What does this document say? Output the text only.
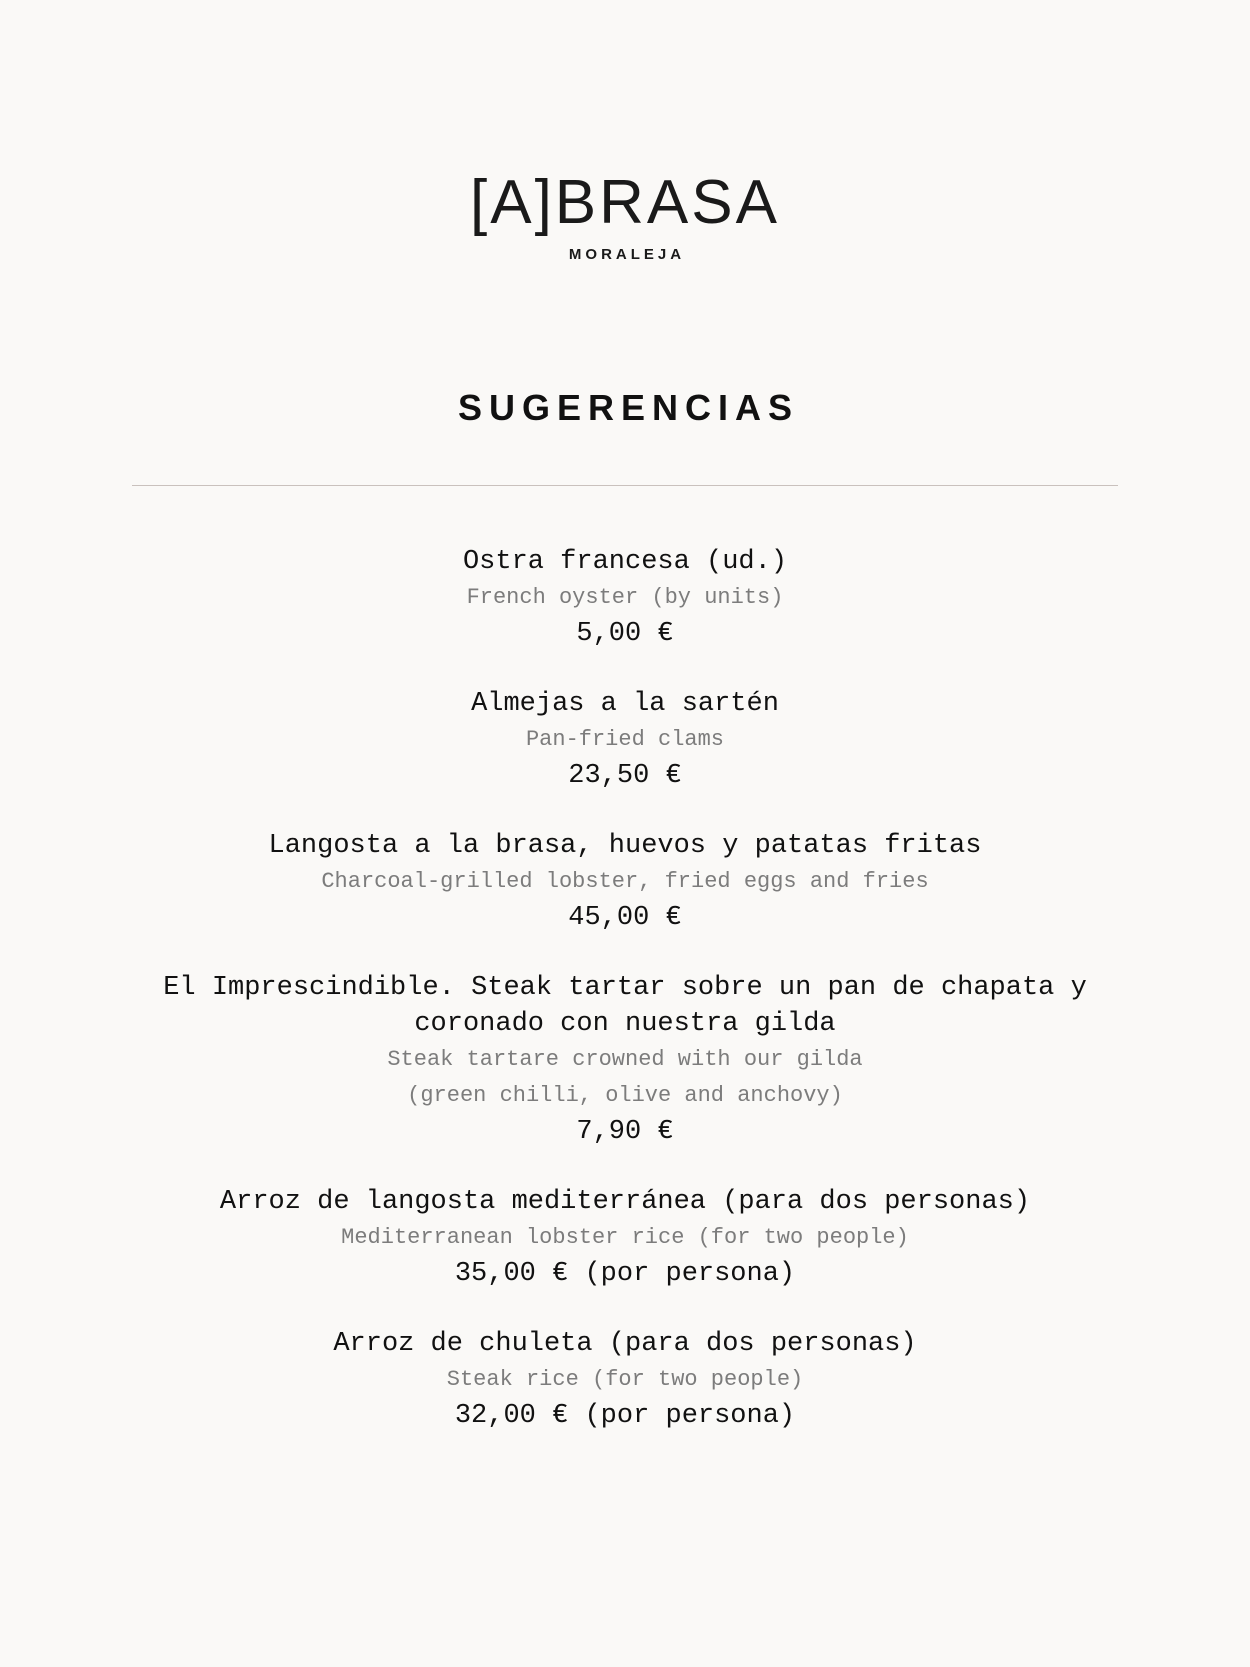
[A]BRASA
MORALEJA
SUGERENCIAS
Ostra francesa (ud.)
French oyster (by units)
5,00 €
Almejas a la sartén
Pan-fried clams
23,50 €
Langosta a la brasa, huevos y patatas fritas
Charcoal-grilled lobster, fried eggs and fries
45,00 €
El Imprescindible. Steak tartar sobre un pan de chapata y coronado con nuestra gilda
Steak tartare crowned with our gilda
(green chilli, olive and anchovy)
7,90 €
Arroz de langosta mediterránea (para dos personas)
Mediterranean lobster rice (for two people)
35,00 € (por persona)
Arroz de chuleta (para dos personas)
Steak rice (for two people)
32,00 € (por persona)
